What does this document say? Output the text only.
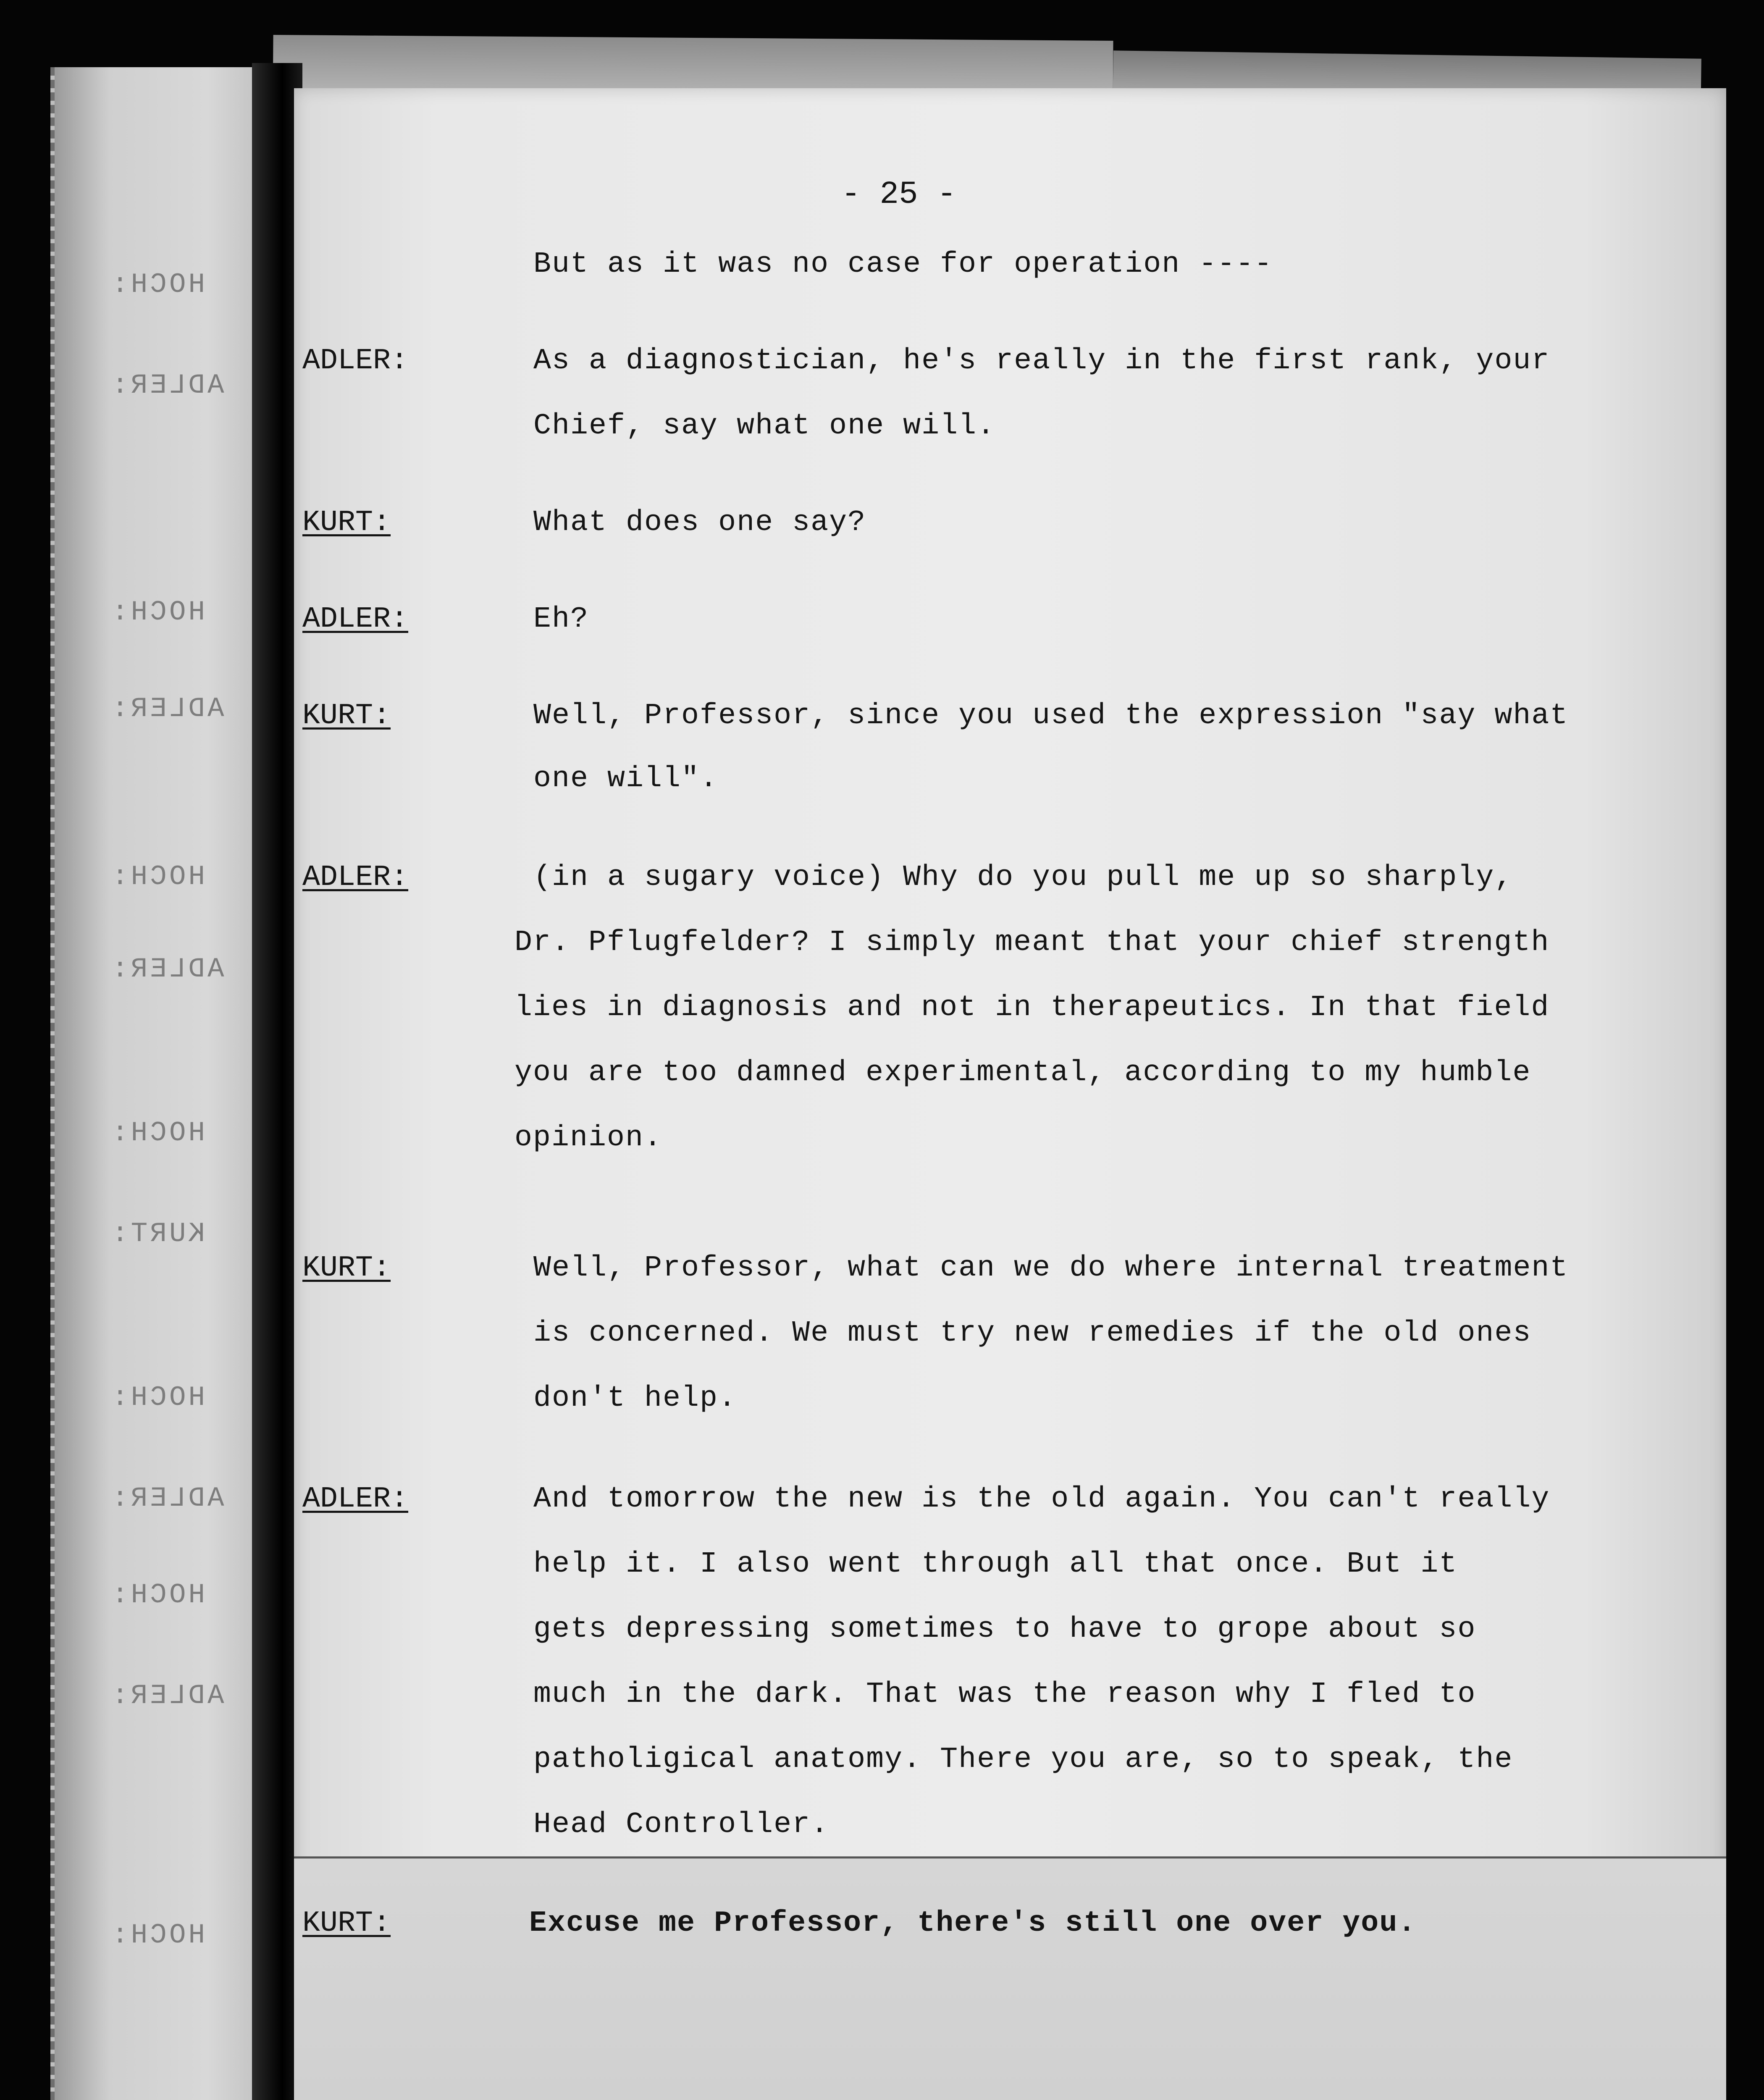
HOCH:
ADLER:
HOCH:
ADLER:
HOCH:
ADLER:
HOCH:
KURT:
HOCH:
ADLER:
HOCH:
ADLER:
HOCH:
- 25 -
But as it was no case for operation ----
ADLER:	As a diagnostician, he's really in the first rank, your
Chief, say what one will.
KURT:	What does one say?
ADLER:	Eh?
KURT:	Well, Professor, since you used the expression "say what
one will".
ADLER:	(in a sugary voice) Why do you pull me up so sharply,
Dr. Pflugfelder? I simply meant that your chief strength
lies in diagnosis and not in therapeutics. In that field
you are too damned experimental, according to my humble
opinion.
KURT:	Well, Professor, what can we do where internal treatment
is concerned. We must try new remedies if the old ones
don't help.
ADLER:	And tomorrow the new is the old again. You can't really
help it. I also went through all that once. But it
gets depressing sometimes to have to grope about so
much in the dark. That was the reason why I fled to
patholigical anatomy. There you are, so to speak, the
Head Controller.
KURT:	Excuse me Professor, there's still one over you.
